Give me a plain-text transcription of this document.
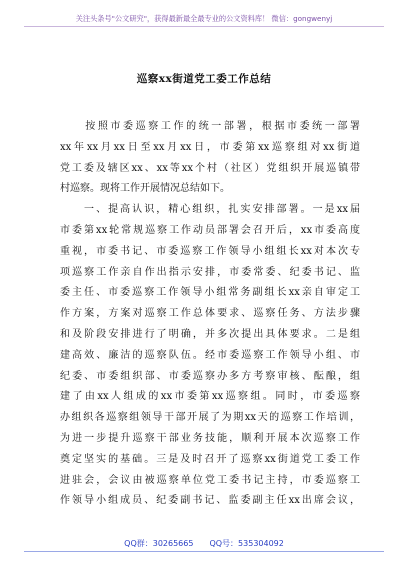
关注头条号"公文研究"，获得最新最全最专业的公文资料库！ 微信：gongwenyj
巡察xx街道党工委工作总结
　　按照市委巡察工作的统一部署，根据市委统一部署
xx年xx月xx日至xx月xx日，市委第xx巡察组对xx街道
党工委及辖区xx、xx等xx个村（社区）党组织开展巡镇带
村巡察。现将工作开展情况总结如下。
　　一、提高认识，精心组织，扎实安排部署。一是xx届
市委第xx轮常规巡察工作动员部署会召开后，xx市委高度
重视，市委书记、市委巡察工作领导小组组长xx对本次专
项巡察工作亲自作出指示安排，市委常委、纪委书记、监
委主任、市委巡察工作领导小组常务副组长xx亲自审定工
作方案，方案对巡察工作总体要求、巡察任务、方法步骤
和及阶段安排进行了明确，并多次提出具体要求。二是组
建高效、廉洁的巡察队伍。经市委巡察工作领导小组、市
纪委、市委组织部、市委巡察办多方考察审核、酝酿，组
建了由xx人组成的xx市委第xx巡察组。同时，市委巡察
办组织各巡察组领导干部开展了为期xx天的巡察工作培训，
为进一步提升巡察干部业务技能，顺利开展本次巡察工作
奠定坚实的基础。三是及时召开了巡察xx街道党工委工作
进驻会，会议由被巡察单位党工委书记主持，市委巡察工
作领导小组成员、纪委副书记、监委副主任xx出席会议，
QQ群：30265665　　QQ号：535304092
